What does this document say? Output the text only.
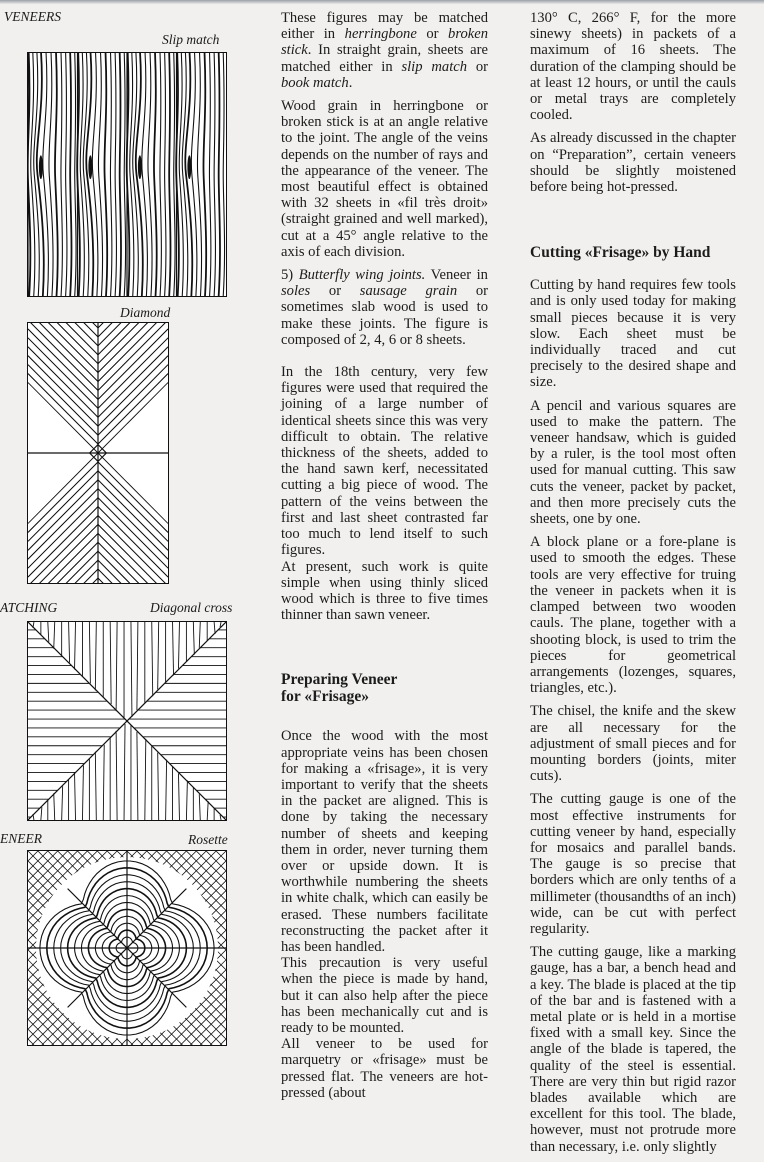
VENEERS
Slip match
Diamond
ATCHING	Diagonal cross
ENEER	Rosette

These figures may be matched either in herringbone or broken stick. In straight grain, sheets are matched either in slip match or book match.

Wood grain in herringbone or broken stick is at an angle relative to the joint. The angle of the veins depends on the number of rays and the appearance of the veneer. The most beautiful effect is obtained with 32 sheets in «fil très droit» (straight grained and well marked), cut at a 45° angle relative to the axis of each division.

5) Butterfly wing joints. Veneer in soles or sausage grain or sometimes slab wood is used to make these joints. The figure is composed of 2, 4, 6 or 8 sheets.

In the 18th century, very few figures were used that required the joining of a large number of identical sheets since this was very difficult to obtain. The relative thickness of the sheets, added to the hand sawn kerf, necessitated cutting a big piece of wood. The pattern of the veins between the first and last sheet contrasted far too much to lend itself to such figures.

At present, such work is quite simple when using thinly sliced wood which is three to five times thinner than sawn veneer.

Preparing Veneer
for «Frisage»

Once the wood with the most appropriate veins has been chosen for making a «frisage», it is very important to verify that the sheets in the packet are aligned. This is done by taking the necessary number of sheets and keeping them in order, never turning them over or upside down. It is worthwhile numbering the sheets in white chalk, which can easily be erased. These numbers facilitate reconstructing the packet after it has been handled.

This precaution is very useful when the piece is made by hand, but it can also help after the piece has been mechanically cut and is ready to be mounted.

All veneer to be used for marquetry or «frisage» must be pressed flat. The veneers are hot-pressed (about

130° C, 266° F, for the more sinewy sheets) in packets of a maximum of 16 sheets. The duration of the clamping should be at least 12 hours, or until the cauls or metal trays are completely cooled.

As already discussed in the chapter on “Preparation”, certain veneers should be slightly moistened before being hot-pressed.

Cutting «Frisage» by Hand

Cutting by hand requires few tools and is only used today for making small pieces because it is very slow. Each sheet must be individually traced and cut precisely to the desired shape and size.

A pencil and various squares are used to make the pattern. The veneer handsaw, which is guided by a ruler, is the tool most often used for manual cutting. This saw cuts the veneer, packet by packet, and then more precisely cuts the sheets, one by one.

A block plane or a fore-plane is used to smooth the edges. These tools are very effective for truing the veneer in packets when it is clamped between two wooden cauls. The plane, together with a shooting block, is used to trim the pieces for geometrical arrangements (lozenges, squares, triangles, etc.).

The chisel, the knife and the skew are all necessary for the adjustment of small pieces and for mounting borders (joints, miter cuts).

The cutting gauge is one of the most effective instruments for cutting veneer by hand, especially for mosaics and parallel bands. The gauge is so precise that borders which are only tenths of a millimeter (thousandths of an inch) wide, can be cut with perfect regularity.

The cutting gauge, like a marking gauge, has a bar, a bench head and a key. The blade is placed at the tip of the bar and is fastened with a metal plate or is held in a mortise fixed with a small key. Since the angle of the blade is tapered, the quality of the steel is essential. There are very thin but rigid razor blades available which are excellent for this tool. The blade, however, must not protrude more than necessary, i.e. only slightly
